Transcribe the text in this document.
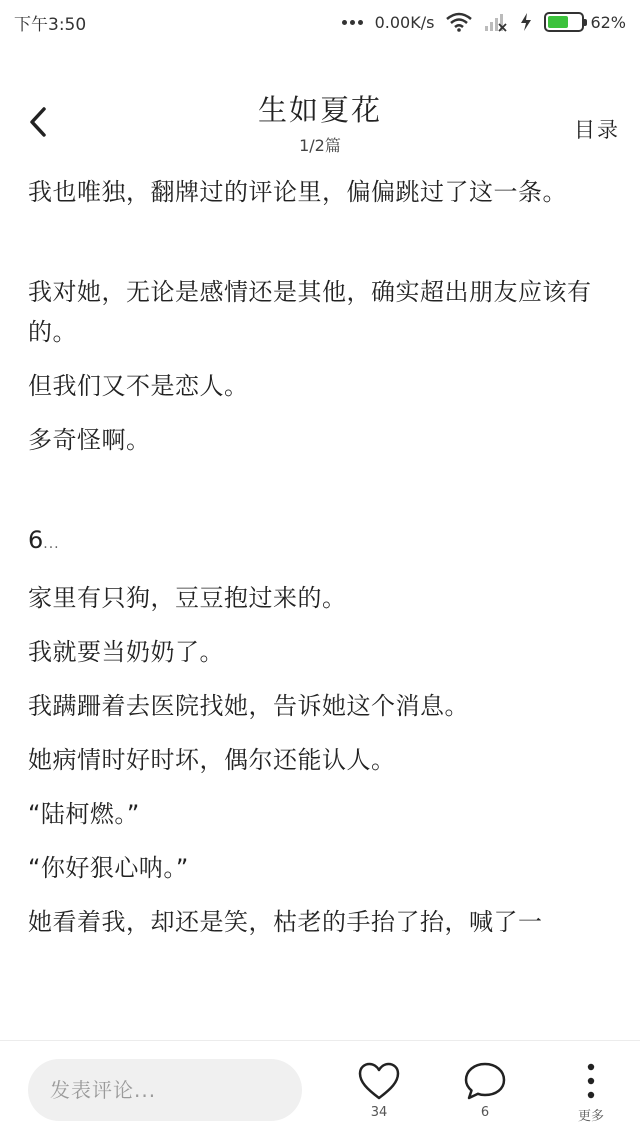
下午3:50	0.00K/s	62%
生如夏花
1/2篇
目录
我也唯独，翻牌过的评论里，偏偏跳过了这一条。
我对她，无论是感情还是其他，确实超出朋友应该有的。
但我们又不是恋人。
多奇怪啊。
6...
家里有只狗，豆豆抱过来的。
我就要当奶奶了。
我蹒跚着去医院找她，告诉她这个消息。
她病情时好时坏，偶尔还能认人。
“陆柯燃。”
“你好狠心呐。”
她看着我，却还是笑，枯老的手抬了抬，喊了一
发表评论...
34	6	更多
